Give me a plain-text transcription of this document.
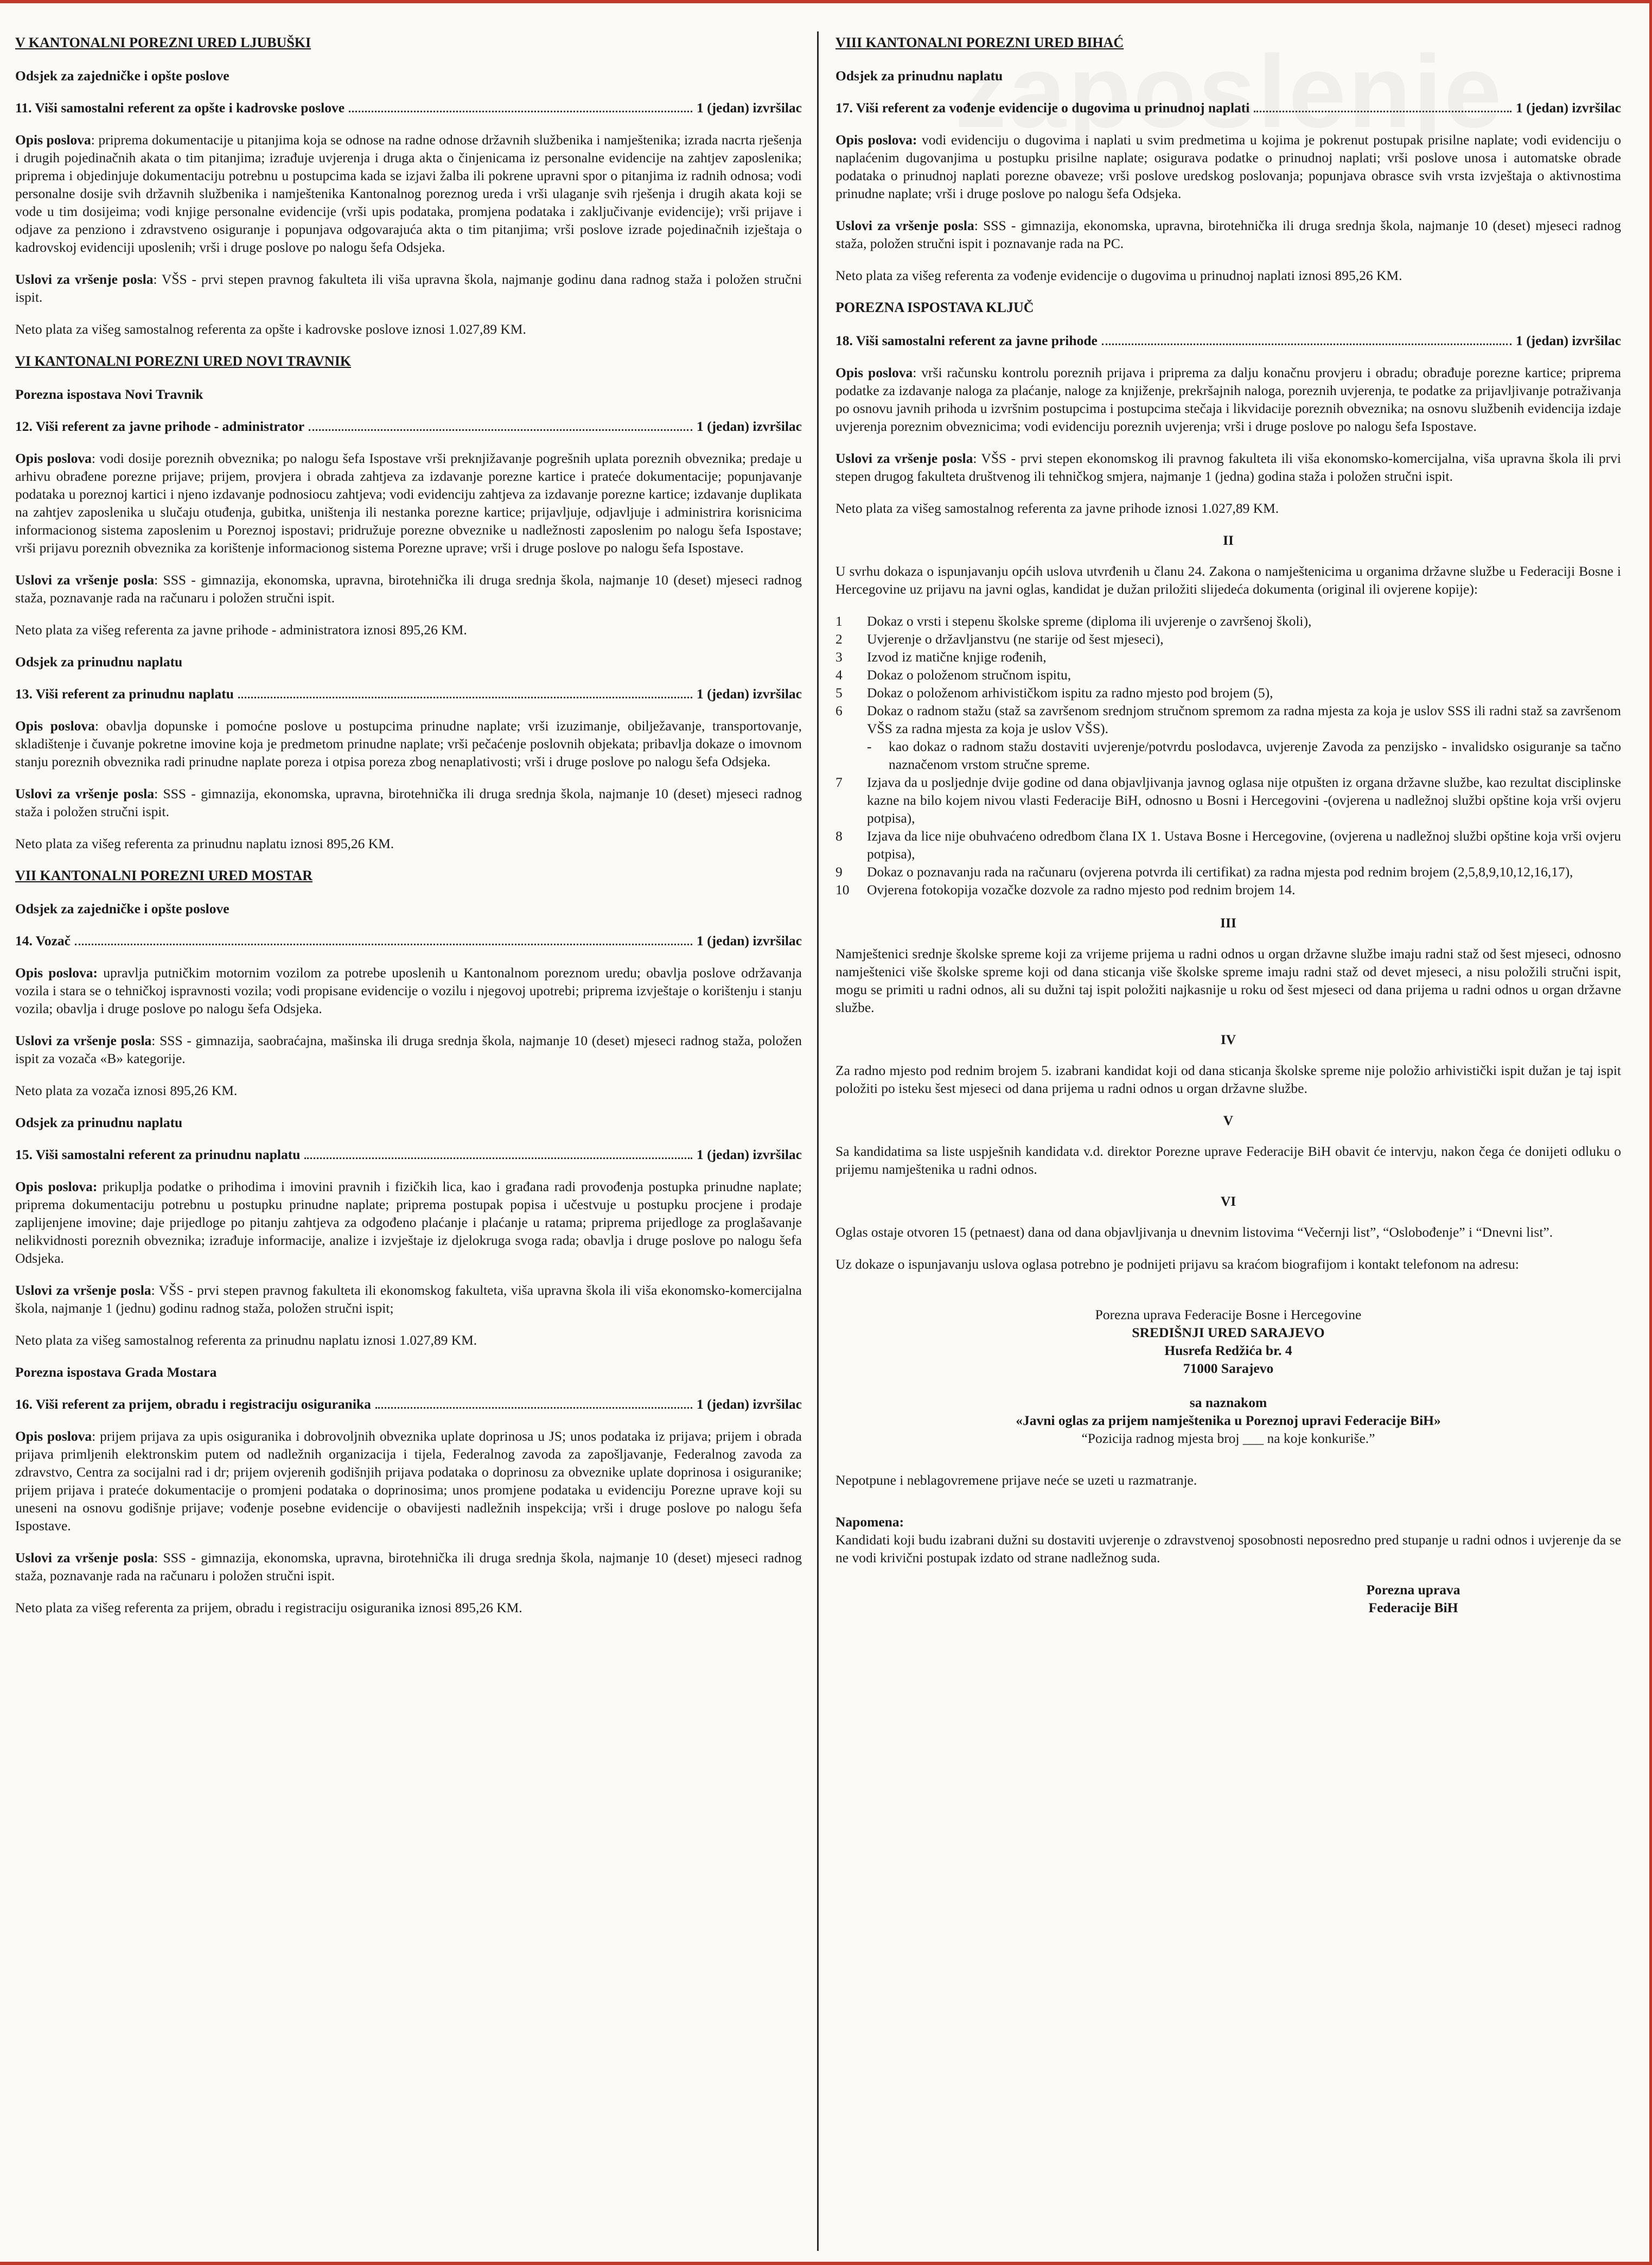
V KANTONALNI POREZNI URED LJUBUŠKI
Odsjek za zajedničke i opšte poslove
11. Viši samostalni referent za opšte i kadrovske poslove	1 (jedan) izvršilac

Opis poslova: priprema dokumentacije u pitanjima koja se odnose na radne odnose državnih službenika i namještenika; izrada nacrta rješenja i drugih pojedinačnih akata o tim pitanjima; izrađuje uvjerenja i druga akta o činjenicama iz personalne evidencije na zahtjev zaposlenika; priprema i objedinjuje dokumentaciju potrebnu u postupcima kada se izjavi žalba ili pokrene upravni spor o pitanjima iz radnih odnosa; vodi personalne dosije svih državnih službenika i namještenika Kantonalnog poreznog ureda i vrši ulaganje svih rješenja i drugih akata koji se vode u tim dosijeima; vodi knjige personalne evidencije (vrši upis podataka, promjena podataka i zaključivanje evidencije); vrši prijave i odjave za penziono i zdravstveno osiguranje i popunjava odgovarajuća akta o tim pitanjima; vrši poslove izrade pojedinačnih izještaja o kadrovskoj evidenciji uposlenih; vrši i druge poslove po nalogu šefa Odsjeka.

Uslovi za vršenje posla: VŠS - prvi stepen pravnog fakulteta ili viša upravna škola, najmanje godinu dana radnog staža i položen stručni ispit.

Neto plata za višeg samostalnog referenta za opšte i kadrovske poslove iznosi 1.027,89 KM.

VI KANTONALNI POREZNI URED NOVI TRAVNIK
Porezna ispostava Novi Travnik
12. Viši referent za javne prihode - administrator	1 (jedan) izvršilac

Opis poslova: vodi dosije poreznih obveznika; po nalogu šefa Ispostave vrši preknjižavanje pogrešnih uplata poreznih obveznika; predaje u arhivu obrađene porezne prijave; prijem, provjera i obrada zahtjeva za izdavanje porezne kartice i prateće dokumentacije; popunjavanje podataka u poreznoj kartici i njeno izdavanje podnosiocu zahtjeva; vodi evidenciju zahtjeva za izdavanje porezne kartice; izdavanje duplikata na zahtjev zaposlenika u slučaju otuđenja, gubitka, uništenja ili nestanka porezne kartice; prijavljuje, odjavljuje i administrira korisnicima informacionog sistema zaposlenim u Poreznoj ispostavi; pridružuje porezne obveznike u nadležnosti zaposlenim po nalogu šefa Ispostave; vrši prijavu poreznih obveznika za korištenje informacionog sistema Porezne uprave; vrši i druge poslove po nalogu šefa Ispostave.

Uslovi za vršenje posla: SSS - gimnazija, ekonomska, upravna, birotehnička ili druga srednja škola, najmanje 10 (deset) mjeseci radnog staža, poznavanje rada na računaru i položen stručni ispit.

Neto plata za višeg referenta za javne prihode - administratora iznosi 895,26 KM.

Odsjek za prinudnu naplatu
13. Viši referent za prinudnu naplatu	1 (jedan) izvršilac

Opis poslova: obavlja dopunske i pomoćne poslove u postupcima prinudne naplate; vrši izuzimanje, obilježavanje, transportovanje, skladištenje i čuvanje pokretne imovine koja je predmetom prinudne naplate; vrši pečaćenje poslovnih objekata; pribavlja dokaze o imovnom stanju poreznih obveznika radi prinudne naplate poreza i otpisa poreza zbog nenaplativosti; vrši i druge poslove po nalogu šefa Odsjeka.

Uslovi za vršenje posla: SSS - gimnazija, ekonomska, upravna, birotehnička ili druga srednja škola, najmanje 10 (deset) mjeseci radnog staža i položen stručni ispit.

Neto plata za višeg referenta za prinudnu naplatu iznosi 895,26 KM.

VII KANTONALNI POREZNI URED MOSTAR
Odsjek za zajedničke i opšte poslove
14. Vozač	1 (jedan) izvršilac

Opis poslova: upravlja putničkim motornim vozilom za potrebe uposlenih u Kantonalnom poreznom uredu; obavlja poslove održavanja vozila i stara se o tehničkoj ispravnosti vozila; vodi propisane evidencije o vozilu i njegovoj upotrebi; priprema izvještaje o korištenju i stanju vozila; obavlja i druge poslove po nalogu šefa Odsjeka.

Uslovi za vršenje posla: SSS - gimnazija, saobraćajna, mašinska ili druga srednja škola, najmanje 10 (deset) mjeseci radnog staža, položen ispit za vozača «B» kategorije.

Neto plata za vozača iznosi 895,26 KM.

Odsjek za prinudnu naplatu
15. Viši samostalni referent za prinudnu naplatu	1 (jedan) izvršilac

Opis poslova: prikuplja podatke o prihodima i imovini pravnih i fizičkih lica, kao i građana radi provođenja postupka prinudne naplate; priprema dokumentaciju potrebnu u postupku prinudne naplate; priprema postupak popisa i učestvuje u postupku procjene i prodaje zaplijenjene imovine; daje prijedloge po pitanju zahtjeva za odgođeno plaćanje i plaćanje u ratama; priprema prijedloge za proglašavanje nelikvidnosti poreznih obveznika; izrađuje informacije, analize i izvještaje iz djelokruga svoga rada; obavlja i druge poslove po nalogu šefa Odsjeka.

Uslovi za vršenje posla: VŠS - prvi stepen pravnog fakulteta ili ekonomskog fakulteta, viša upravna škola ili viša ekonomsko-komercijalna škola, najmanje 1 (jednu) godinu radnog staža, položen stručni ispit;

Neto plata za višeg samostalnog referenta za prinudnu naplatu iznosi 1.027,89 KM.

Porezna ispostava Grada Mostara
16. Viši referent za prijem, obradu i registraciju osiguranika	1 (jedan) izvršilac

Opis poslova: prijem prijava za upis osiguranika i dobrovoljnih obveznika uplate doprinosa u JS; unos podataka iz prijava; prijem i obrada prijava primljenih elektronskim putem od nadležnih organizacija i tijela, Federalnog zavoda za zapošljavanje, Federalnog zavoda za zdravstvo, Centra za socijalni rad i dr; prijem ovjerenih godišnjih prijava podataka o doprinosu za obveznike uplate doprinosa i osiguranike; prijem prijava i prateće dokumentacije o promjeni podataka o doprinosima; unos promjene podataka u evidenciju Porezne uprave koji su uneseni na osnovu godišnje prijave; vođenje posebne evidencije o obavijesti nadležnih inspekcija; vrši i druge poslove po nalogu šefa Ispostave.

Uslovi za vršenje posla: SSS - gimnazija, ekonomska, upravna, birotehnička ili druga srednja škola, najmanje 10 (deset) mjeseci radnog staža, poznavanje rada na računaru i položen stručni ispit.

Neto plata za višeg referenta za prijem, obradu i registraciju osiguranika iznosi 895,26 KM.

VIII KANTONALNI POREZNI URED BIHAĆ
Odsjek za prinudnu naplatu
17. Viši referent za vođenje evidencije o dugovima u prinudnoj naplati	1 (jedan) izvršilac

Opis poslova: vodi evidenciju o dugovima i naplati u svim predmetima u kojima je pokrenut postupak prisilne naplate; vodi evidenciju o naplaćenim dugovanjima u postupku prisilne naplate; osigurava podatke o prinudnoj naplati; vrši poslove unosa i automatske obrade podataka o prinudnoj naplati porezne obaveze; vrši poslove uredskog poslovanja; popunjava obrasce svih vrsta izvještaja o aktivnostima prinudne naplate; vrši i druge poslove po nalogu šefa Odsjeka.

Uslovi za vršenje posla: SSS - gimnazija, ekonomska, upravna, birotehnička ili druga srednja škola, najmanje 10 (deset) mjeseci radnog staža, položen stručni ispit i poznavanje rada na PC.

Neto plata za višeg referenta za vođenje evidencije o dugovima u prinudnoj naplati iznosi 895,26 KM.

POREZNA ISPOSTAVA KLJUČ
18. Viši samostalni referent za javne prihode	1 (jedan) izvršilac

Opis poslova: vrši računsku kontrolu poreznih prijava i priprema za dalju konačnu provjeru i obradu; obrađuje porezne kartice; priprema podatke za izdavanje naloga za plaćanje, naloge za knjiženje, prekršajnih naloga, poreznih uvjerenja, te podatke za prijavljivanje potraživanja po osnovu javnih prihoda u izvršnim postupcima i postupcima stečaja i likvidacije poreznih obveznika; na osnovu službenih evidencija izdaje uvjerenja poreznim obveznicima; vodi evidenciju poreznih uvjerenja; vrši i druge poslove po nalogu šefa Ispostave.

Uslovi za vršenje posla: VŠS - prvi stepen ekonomskog ili pravnog fakulteta ili viša ekonomsko-komercijalna, viša upravna škola ili prvi stepen drugog fakulteta društvenog ili tehničkog smjera, najmanje 1 (jedna) godina staža i položen stručni ispit.

Neto plata za višeg samostalnog referenta za javne prihode iznosi 1.027,89 KM.

II

U svrhu dokaza o ispunjavanju općih uslova utvrđenih u članu 24. Zakona o namještenicima u organima državne službe u Federaciji Bosne i Hercegovine uz prijavu na javni oglas, kandidat je dužan priložiti slijedeća dokumenta (original ili ovjerene kopije):

1	Dokaz o vrsti i stepenu školske spreme (diploma ili uvjerenje o završenoj školi),
2	Uvjerenje o državljanstvu (ne starije od šest mjeseci),
3	Izvod iz matične knjige rođenih,
4	Dokaz o položenom stručnom ispitu,
5	Dokaz o položenom arhivističkom ispitu za radno mjesto pod brojem (5),
6	Dokaz o radnom stažu (staž sa završenom srednjom stručnom spremom za radna mjesta za koja je uslov SSS ili radni staž sa završenom VŠS za radna mjesta za koja je uslov VŠS).
-	kao dokaz o radnom stažu dostaviti uvjerenje/potvrdu poslodavca, uvjerenje Zavoda za penzijsko - invalidsko osiguranje sa tačno naznačenom vrstom stručne spreme.
7	Izjava da u posljednje dvije godine od dana objavljivanja javnog oglasa nije otpušten iz organa državne službe, kao rezultat disciplinske kazne na bilo kojem nivou vlasti Federacije BiH, odnosno u Bosni i Hercegovini -(ovjerena u nadležnoj službi opštine koja vrši ovjeru potpisa),
8	Izjava da lice nije obuhvaćeno odredbom člana IX 1. Ustava Bosne i Hercegovine, (ovjerena u nadležnoj službi opštine koja vrši ovjeru potpisa),
9	Dokaz o poznavanju rada na računaru (ovjerena potvrda ili certifikat) za radna mjesta pod rednim brojem (2,5,8,9,10,12,16,17),
10	Ovjerena fotokopija vozačke dozvole za radno mjesto pod rednim brojem 14.
III

Namještenici srednje školske spreme koji za vrijeme prijema u radni odnos u organ državne službe imaju radni staž od šest mjeseci, odnosno namještenici više školske spreme koji od dana sticanja više školske spreme imaju radni staž od devet mjeseci, a nisu položili stručni ispit, mogu se primiti u radni odnos, ali su dužni taj ispit položiti najkasnije u roku od šest mjeseci od dana prijema u radni odnos u organ državne službe.

IV

Za radno mjesto pod rednim brojem 5. izabrani kandidat koji od dana sticanja školske spreme nije položio arhivistički ispit dužan je taj ispit položiti po isteku šest mjeseci od dana prijema u radni odnos u organ državne službe.

V

Sa kandidatima sa liste uspješnih kandidata v.d. direktor Porezne uprave Federacije BiH obavit će intervju, nakon čega će donijeti odluku o prijemu namještenika u radni odnos.

VI

Oglas ostaje otvoren 15 (petnaest) dana od dana objavljivanja u dnevnim listovima “Večernji list”, “Oslobođenje” i “Dnevni list”.

Uz dokaze o ispunjavanju uslova oglasa potrebno je podnijeti prijavu sa kraćom biografijom i kontakt telefonom na adresu:

Porezna uprava Federacije Bosne i Hercegovine

SREDIŠNJI URED SARAJEVO

Husrefa Redžića br. 4

71000 Sarajevo

sa naznakom

«Javni oglas za prijem namještenika u Poreznoj upravi Federacije BiH»

“Pozicija radnog mjesta broj ___ na koje konkuriše.”

Nepotpune i neblagovremene prijave neće se uzeti u razmatranje.

Napomena:

Kandidati koji budu izabrani dužni su dostaviti uvjerenje o zdravstvenoj sposobnosti neposredno pred stupanje u radni odnos i uvjerenje da se ne vodi krivični postupak izdato od strane nadležnog suda.

Porezna uprava
Federacije BiH
